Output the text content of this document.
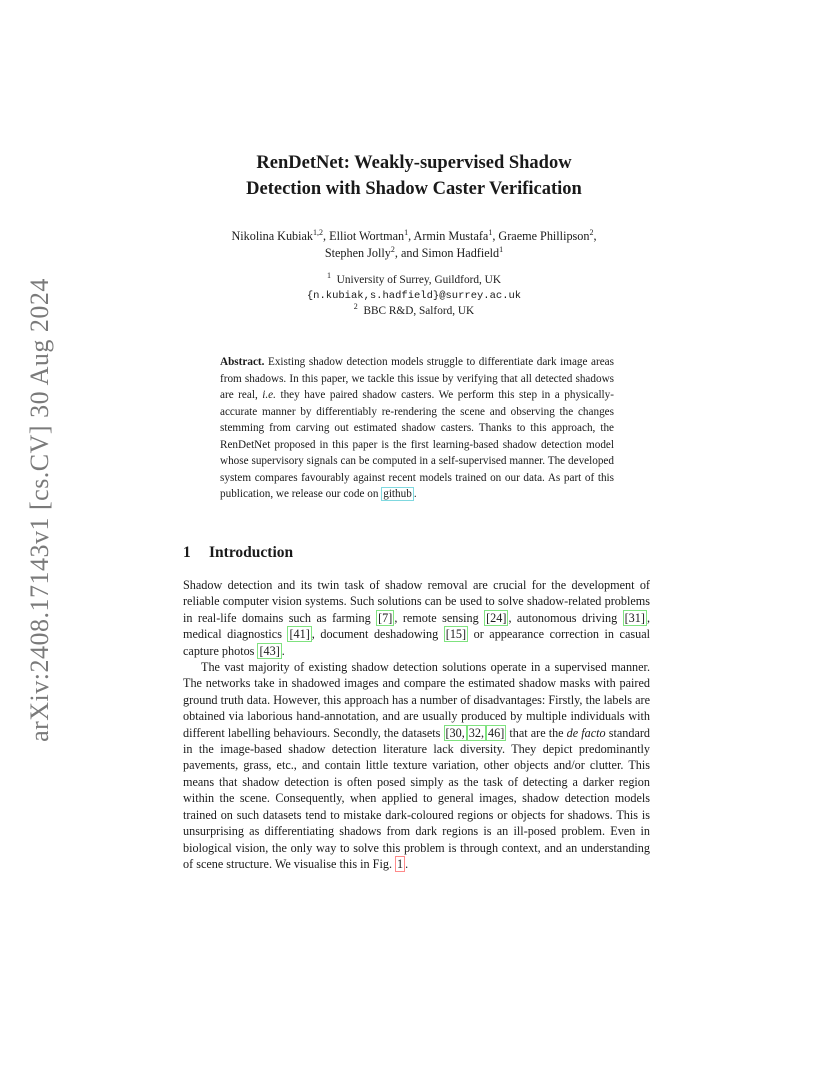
arXiv:2408.17143v1 [cs.CV] 30 Aug 2024
RenDetNet: Weakly-supervised Shadow
Detection with Shadow Caster Verification
Nikolina Kubiak$^{1,2}$, Elliot Wortman$^1$, Armin Mustafa$^1$, Graeme Phillipson$^2$,
Stephen Jolly$^2$, and Simon Hadfield$^1$
$^1$ University of Surrey, Guildford, UK
{n.kubiak,s.hadfield}@surrey.ac.uk
$^2$ BBC R&D, Salford, UK
Abstract. Existing shadow detection models struggle to differentiate dark image areas from shadows. In this paper, we tackle this issue by verifying that all detected shadows are real, i.e. they have paired shadow casters. We perform this step in a physically-accurate manner by differentiably re-rendering the scene and observing the changes stemming from carving out estimated shadow casters. Thanks to this approach, the RenDetNet proposed in this paper is the first learning-based shadow detection model whose supervisory signals can be computed in a self-supervised manner. The developed system compares favourably against recent models trained on our data. As part of this publication, we release our code on github .
1 Introduction

Shadow detection and its twin task of shadow removal are crucial for the development of reliable computer vision systems. Such solutions can be used to solve shadow-related problems in real-life domains such as farming [7] , remote sensing [24] , autonomous driving [31] , medical diagnostics [41] , document deshadowing [15] or appearance correction in casual capture photos [43] .

The vast majority of existing shadow detection solutions operate in a supervised manner. The networks take in shadowed images and compare the estimated shadow masks with paired ground truth data. However, this approach has a number of disadvantages: Firstly, the labels are obtained via laborious hand-annotation, and are usually produced by multiple individuals with different labelling behaviours. Secondly, the datasets [30, 32, 46] that are the de facto standard in the image-based shadow detection literature lack diversity. They depict predominantly pavements, grass, etc., and contain little texture variation, other objects and/or clutter. This means that shadow detection is often posed simply as the task of detecting a darker region within the scene. Consequently, when applied to general images, shadow detection models trained on such datasets tend to mistake dark-coloured regions or objects for shadows. This is unsurprising as differentiating shadows from dark regions is an ill-posed problem. Even in biological vision, the only way to solve this problem is through context, and an understanding of scene structure. We visualise this in Fig. 1 .
